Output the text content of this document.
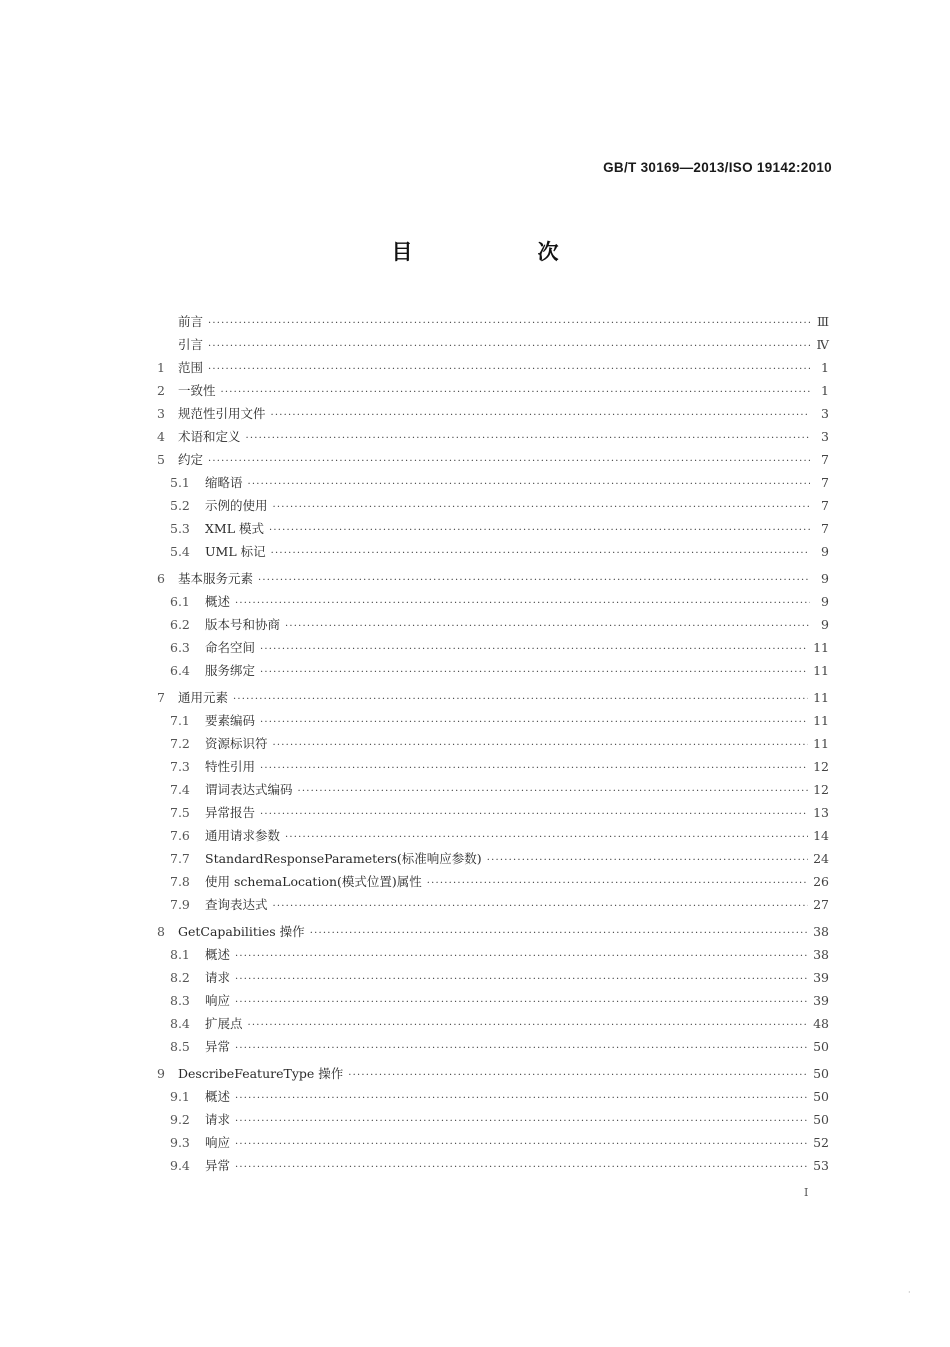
GB/T 30169—2013/ISO 19142:2010
目　次
前言 ·····	Ⅲ
引言 ·····	Ⅳ
1	范围 ·····	1
2	一致性 ·····	1
3	规范性引用文件 ·····	3
4	术语和定义 ·····	3
5	约定 ·····	7
5.1	缩略语 ·····	7
5.2	示例的使用 ·····	7
5.3	XML 模式 ·····	7
5.4	UML 标记 ·····	9
6	基本服务元素 ·····	9
6.1	概述 ·····	9
6.2	版本号和协商 ·····	9
6.3	命名空间 ·····	11
6.4	服务绑定 ·····	11
7	通用元素 ·····	11
7.1	要素编码 ·····	11
7.2	资源标识符 ·····	11
7.3	特性引用 ·····	12
7.4	谓词表达式编码 ·····	12
7.5	异常报告 ·····	13
7.6	通用请求参数 ·····	14
7.7	StandardResponseParameters(标准响应参数) ·····	24
7.8	使用 schemaLocation(模式位置)属性 ·····	26
7.9	查询表达式 ·····	27
8	GetCapabilities 操作 ·····	38
8.1	概述 ·····	38
8.2	请求 ·····	39
8.3	响应 ·····	39
8.4	扩展点 ·····	48
8.5	异常 ·····	50
9	DescribeFeatureType 操作 ·····	50
9.1	概述 ·····	50
9.2	请求 ·····	50
9.3	响应 ·····	52
9.4	异常 ·····	53
I
·
